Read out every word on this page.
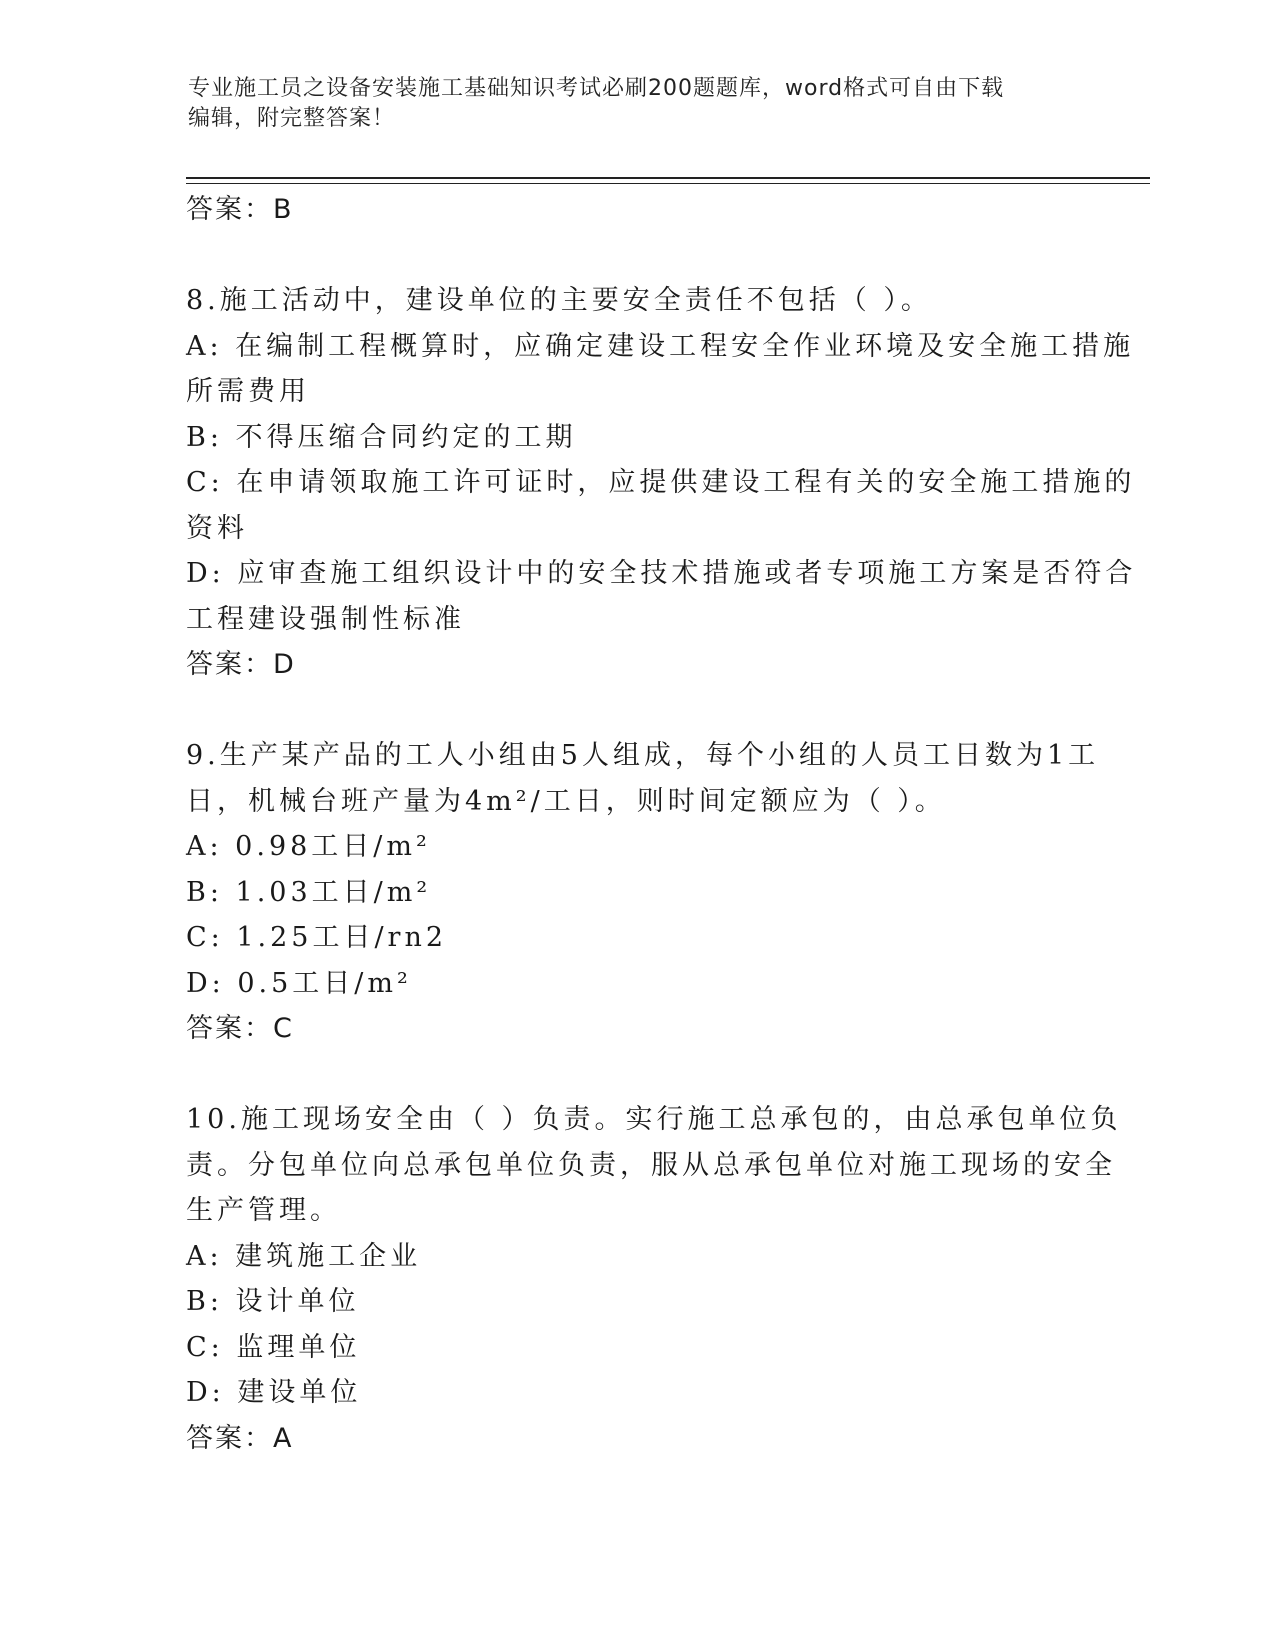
专业施工员之设备安装施工基础知识考试必刷200题题库，word格式可自由下载
编辑，附完整答案！
答案：B
8.施工活动中，建设单位的主要安全责任不包括（ ）。
A: 在编制工程概算时，应确定建设工程安全作业环境及安全施工措施
所需费用
B: 不得压缩合同约定的工期
C: 在申请领取施工许可证时，应提供建设工程有关的安全施工措施的
资料
D: 应审查施工组织设计中的安全技术措施或者专项施工方案是否符合
工程建设强制性标准
答案：D
9.生产某产品的工人小组由5人组成，每个小组的人员工日数为1工
日，机械台班产量为4m²/工日，则时间定额应为（ ）。
A: 0.98工日/m²
B: 1.03工日/m²
C: 1.25工日/rn2
D: 0.5工日/m²
答案：C
10.施工现场安全由（ ）负责。实行施工总承包的，由总承包单位负
责。分包单位向总承包单位负责，服从总承包单位对施工现场的安全
生产管理。
A: 建筑施工企业
B: 设计单位
C: 监理单位
D: 建设单位
答案：A
